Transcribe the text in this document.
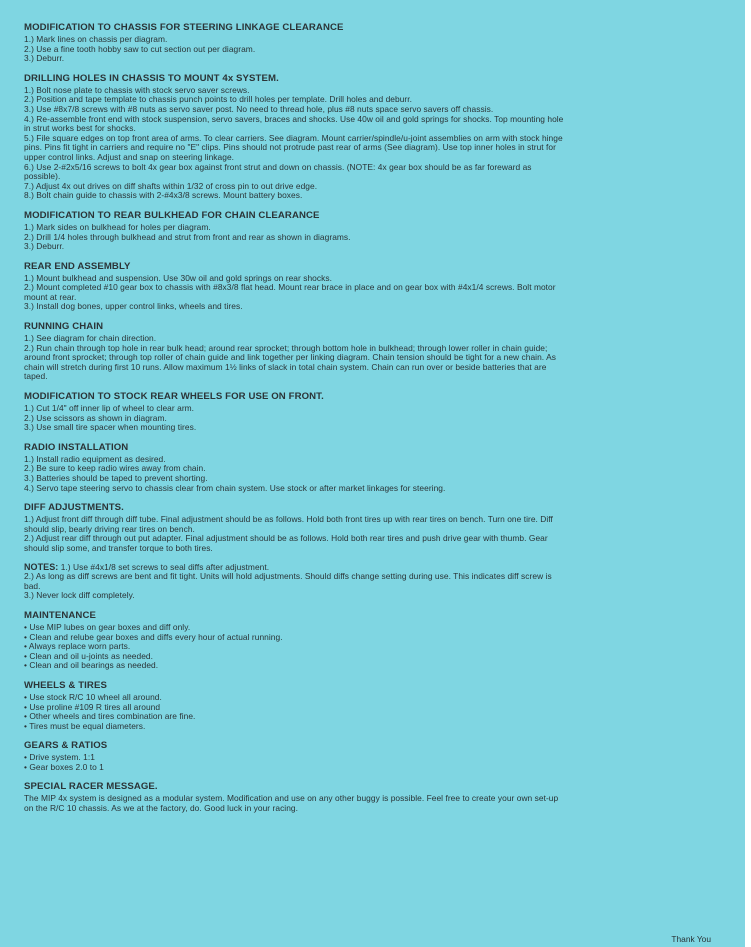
MODIFICATION TO CHASSIS FOR STEERING LINKAGE CLEARANCE
1.) Mark lines on chassis per diagram.
2.) Use a fine tooth hobby saw to cut section out per diagram.
3.) Deburr.
DRILLING HOLES IN CHASSIS TO MOUNT 4x SYSTEM.
1.) Bolt nose plate to chassis with stock servo saver screws.
2.) Position and tape template to chassis punch points to drill holes per template. Drill holes and deburr.
3.) Use #8x7/8 screws with #8 nuts as servo saver post. No need to thread hole, plus #8 nuts space servo savers off chassis.
4.) Re-assemble front end with stock suspension, servo savers, braces and shocks. Use 40w oil and gold springs for shocks. Top mounting hole
in strut works best for shocks.
5.) File square edges on top front area of arms. To clear carriers. See diagram. Mount carrier/spindle/u-joint assemblies on arm with stock hinge
pins. Pins fit tight in carriers and require no "E" clips. Pins should not protrude past rear of arms (See diagram). Use top inner holes in strut for
upper control links. Adjust and snap on steering linkage.
6.) Use 2-#2x5/16 screws to bolt 4x gear box against front strut and down on chassis. (NOTE: 4x gear box should be as far foreward as
possible).
7.) Adjust 4x out drives on diff shafts within 1/32 of cross pin to out drive edge.
8.) Bolt chain guide to chassis with 2-#4x3/8 screws. Mount battery boxes.
MODIFICATION TO REAR BULKHEAD FOR CHAIN CLEARANCE
1.) Mark sides on bulkhead for holes per diagram.
2.) Drill 1/4 holes through bulkhead and strut from front and rear as shown in diagrams.
3.) Deburr.
REAR END ASSEMBLY
1.) Mount bulkhead and suspension. Use 30w oil and gold springs on rear shocks.
2.) Mount completed #10 gear box to chassis with #8x3/8 flat head. Mount rear brace in place and on gear box with #4x1/4 screws. Bolt motor
mount at rear.
3.) Install dog bones, upper control links, wheels and tires.
RUNNING CHAIN
1.) See diagram for chain direction.
2.) Run chain through top hole in rear bulk head; around rear sprocket; through bottom hole in bulkhead; through lower roller in chain guide;
around front sprocket; through top roller of chain guide and link together per linking diagram. Chain tension should be tight for a new chain. As
chain will stretch during first 10 runs. Allow maximum 1½ links of slack in total chain system. Chain can run over or beside batteries that are
taped.
MODIFICATION TO STOCK REAR WHEELS FOR USE ON FRONT.
1.) Cut 1/4" off inner lip of wheel to clear arm.
2.) Use scissors as shown in diagram.
3.) Use small tire spacer when mounting tires.
RADIO INSTALLATION
1.) Install radio equipment as desired.
2.) Be sure to keep radio wires away from chain.
3.) Batteries should be taped to prevent shorting.
4.) Servo tape steering servo to chassis clear from chain system. Use stock or after market linkages for steering.
DIFF ADJUSTMENTS.
1.) Adjust front diff through diff tube. Final adjustment should be as follows. Hold both front tires up with rear tires on bench. Turn one tire. Diff
should slip, bearly driving rear tires on bench.
2.) Adjust rear diff through out put adapter. Final adjustment should be as follows. Hold both rear tires and push drive gear with thumb. Gear
should slip some, and transfer torque to both tires.
NOTES: 1.) Use #4x1/8 set screws to seal diffs after adjustment.
2.) As long as diff screws are bent and fit tight. Units will hold adjustments. Should diffs change setting during use. This indicates diff screw is
bad.
3.) Never lock diff completely.
MAINTENANCE
• Use MIP lubes on gear boxes and diff only.
• Clean and relube gear boxes and diffs every hour of actual running.
• Always replace worn parts.
• Clean and oil u-joints as needed.
• Clean and oil bearings as needed.
WHEELS & TIRES
• Use stock R/C 10 wheel all around.
• Use proline #109 R tires all around
• Other wheels and tires combination are fine.
• Tires must be equal diameters.
GEARS & RATIOS
• Drive system. 1:1
• Gear boxes 2.0 to 1
SPECIAL RACER MESSAGE.
The MIP 4x system is designed as a modular system. Modification and use on any other buggy is possible. Feel free to create your own set-up
on the R/C 10 chassis. As we at the factory, do. Good luck in your racing.
Thank You
